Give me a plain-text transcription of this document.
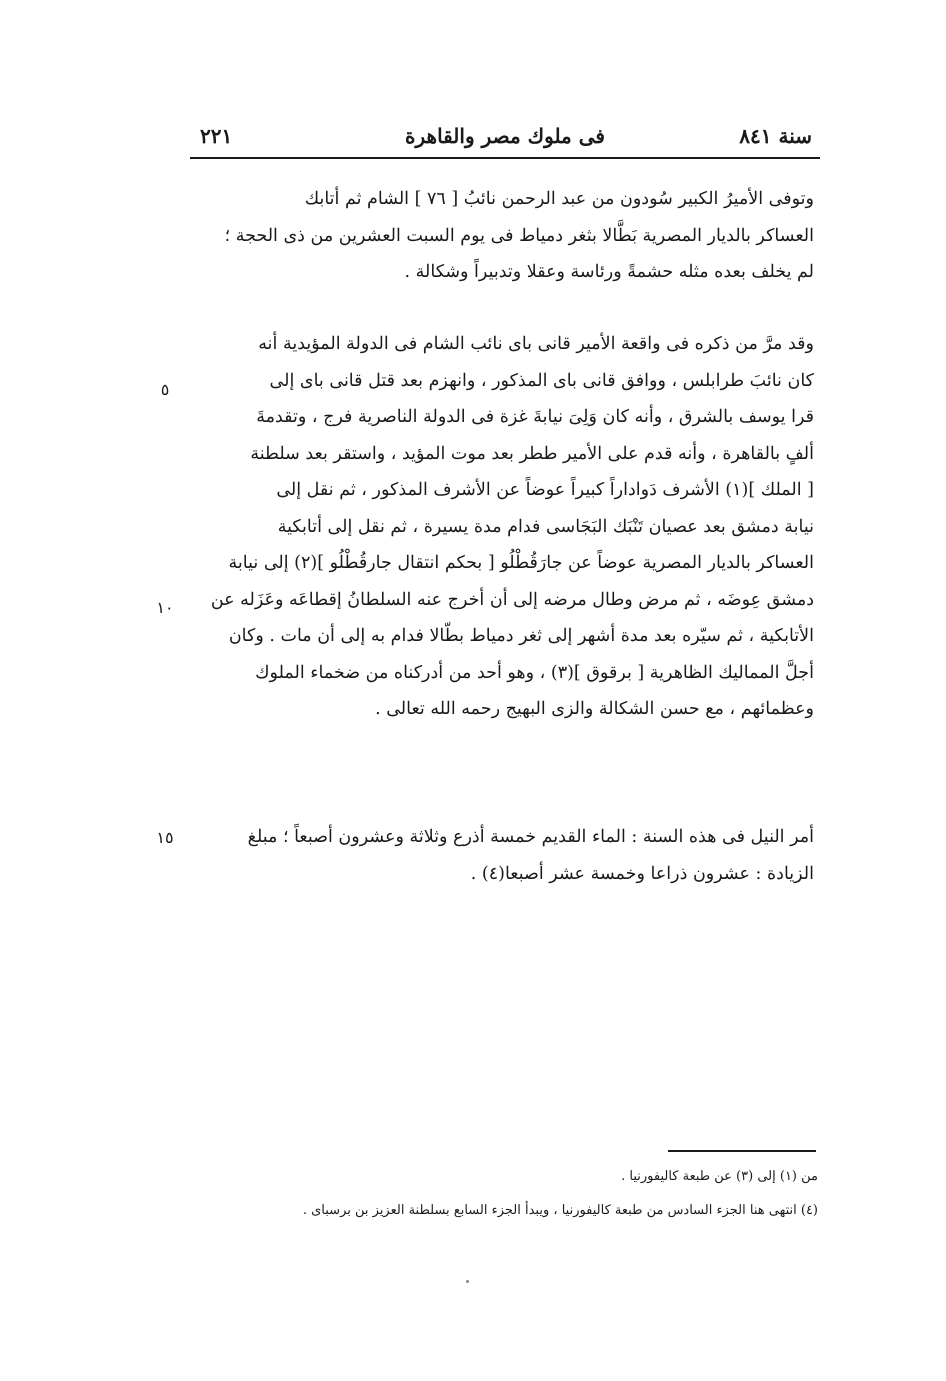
٢٢١	فى ملوك مصر والقاهرة	سنة ٨٤١
وتوفى الأميرُ الكبير سُودون من عبد الرحمن نائبُ [ ٧٦ ] الشام ثم أتابك
العساكر بالديار المصرية بَطَّالا بثغر دمياط فى يوم السبت العشرين من ذى الحجة ؛
لم يخلف بعده مثله حشمةً ورئاسة وعقلا وتدبيراً وشكالة .
وقد مرَّ من ذكره فى واقعة الأمير قانى باى نائب الشام فى الدولة المؤيدية أنه
كان نائبَ طرابلس ، ووافق قانى باى المذكور ، وانهزم بعد قتل قانى باى إلى
قرا يوسف بالشرق ، وأنه كان وَلِىَ نيابةَ غزة فى الدولة الناصرية فرج ، وتقدمةَ
ألفٍ بالقاهرة ، وأنه قدم على الأمير ططر بعد موت المؤيد ، واستقر بعد سلطنة
[ الملك ](١) الأشرف دَواداراً كبيراً عوضاً عن الأشرف المذكور ، ثم نقل إلى
نيابة دمشق بعد عصيان تَنْبَك البَجَاسى فدام مدة يسيرة ، ثم نقل إلى أتابكية
العساكر بالديار المصرية عوضاً عن جارَقُطْلُو [ بحكم انتقال جارقُطْلُو ](٢) إلى نيابة
دمشق عِوضَه ، ثم مرض وطال مرضه إلى أن أخرج عنه السلطانُ إقطاعَه وعَزَله عن
الأتابكية ، ثم سيّره بعد مدة أشهر إلى ثغر دمياط بطّالا فدام به إلى أن مات . وكان
أجلَّ المماليك الظاهرية [ برقوق ](٣) ، وهو أحد من أدركناه من ضخماء الملوك
وعظمائهم ، مع حسن الشكالة والزى البهيج رحمه الله تعالى .
أمر النيل فى هذه السنة : الماء القديم خمسة أذرع وثلاثة وعشرون أصبعاً ؛ مبلغ
الزيادة : عشرون ذراعا وخمسة عشر أصبعا(٤) .
٥
١٠
١٥
من (١) إلى (٣) عن طبعة كاليفورنيا .
(٤) انتهى هنا الجزء السادس من طبعة كاليفورنيا ، ويبدأ الجزء السابع بسلطنة العزيز بن برسباى .
